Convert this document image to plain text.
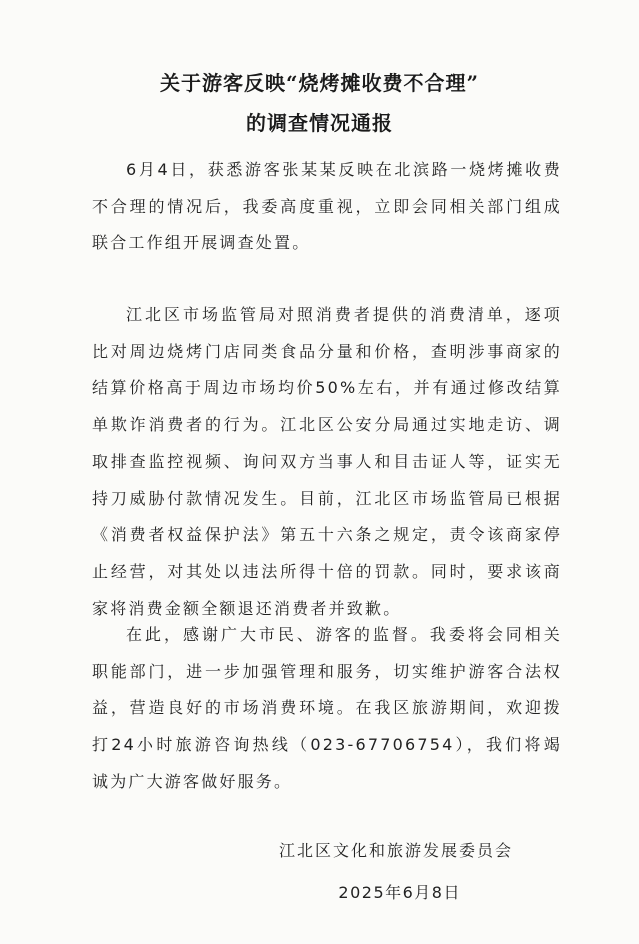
关于游客反映“烧烤摊收费不合理”
的调查情况通报

6月4日，获悉游客张某某反映在北滨路一烧烤摊收费不合理的情况后，我委高度重视，立即会同相关部门组成联合工作组开展调查处置。

江北区市场监管局对照消费者提供的消费清单，逐项比对周边烧烤门店同类食品分量和价格，查明涉事商家的结算价格高于周边市场均价50%左右，并有通过修改结算单欺诈消费者的行为。江北区公安分局通过实地走访、调取排查监控视频、询问双方当事人和目击证人等，证实无持刀威胁付款情况发生。目前，江北区市场监管局已根据《消费者权益保护法》第五十六条之规定，责令该商家停止经营，对其处以违法所得十倍的罚款。同时，要求该商家将消费金额全额退还消费者并致歉。

在此，感谢广大市民、游客的监督。我委将会同相关职能部门，进一步加强管理和服务，切实维护游客合法权益，营造良好的市场消费环境。在我区旅游期间，欢迎拨打24小时旅游咨询热线（023-67706754），我们将竭诚为广大游客做好服务。

江北区文化和旅游发展委员会
2025年6月8日
